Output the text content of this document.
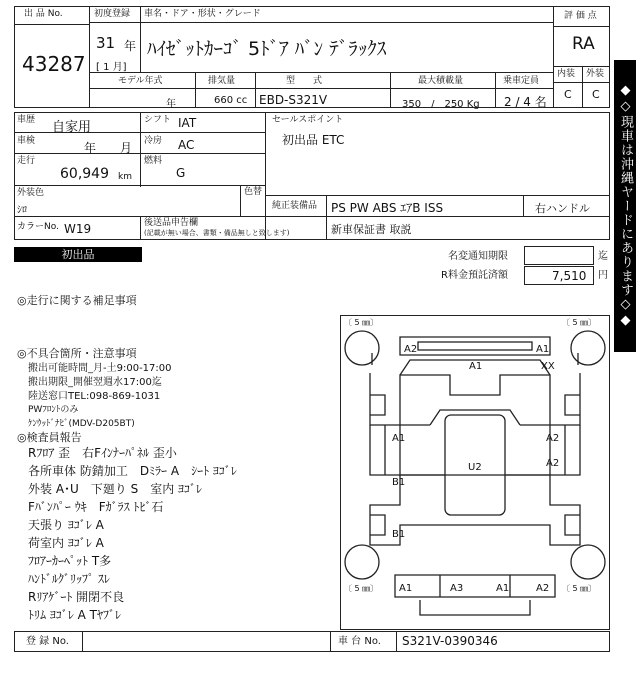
出 品 No.
43287
初度登録
31 年
[ 1 月]
車名・ドア・形状・グレード
ﾊｲｾﾞｯﾄｶｰｺﾞ 5ﾄﾞｱ ﾊﾞﾝ ﾃﾞﾗｯｸｽ
評 価 点
RA
内装 外装
C C
モデル年式
年
排気量
660 cc
型　　式
EBD-S321V
最大積載量
350　/　250 Kg
乗車定員
2 / 4 名
車歴 自家用	シフト IAT
車検	年　　月 冷房 AC
走行
60,949 km
燃料
G
セールスポイント
初出品 ETC
外装色
ｼﾛ
色替
純正装備品 PS PW ABS ｴｱB ISS	右ハンドル
カラーNo. W19	後送品申告欄
(記載が無い場合、書類・備品無しと致します)	新車保証書 取説	◆◇現車は沖縄ヤードにあります◇◆
初出品	名変通知期限	迄
R料金預託済額	7,510 円
◎走行に関する補足事項
◎不具合箇所・注意事項
搬出可能時間_月-土9:00-17:00
搬出期限_開催翌週水17:00迄
陸送窓口TEL:098-869-1031
PWﾌﾛﾝﾄのみ
ｹﾝｳｯﾄﾞﾅﾋﾞ(MDV-D205BT)
◎検査員報告
Rﾌﾛｱ 歪　右Fｲﾝﾅｰﾊﾟﾈﾙ 歪小
各所車体 防錆加工　Dﾐﾗｰ A　ｼｰﾄ ﾖｺﾞﾚ
外装 A･U　下廻り S　室内 ﾖｺﾞﾚ
Fﾊﾞﾝﾊﾟｰ ｳｷ　Fｶﾞﾗｽ ﾄﾋﾞ石
天張り ﾖｺﾞﾚ A
荷室内 ﾖｺﾞﾚ A
ﾌﾛｱｰｶｰﾍﾟｯﾄ T多
ﾊﾝﾄﾞﾙｸﾞﾘｯﾌﾟ ｽﾚ
Rﾘｱｹﾞｰﾄ 開閉不良
ﾄﾘﾑ ﾖｺﾞﾚ A Tﾔﾌﾞﾚ
〔 5 ㎜〕	〔 5 ㎜〕
〔 5 ㎜〕	〔 5 ㎜〕
A2	A1
A1	XX
A1	A2
U2	A2
B1
B1
A1	A3	A1	A2
登 録 No.	車 台 No. S321V-0390346
